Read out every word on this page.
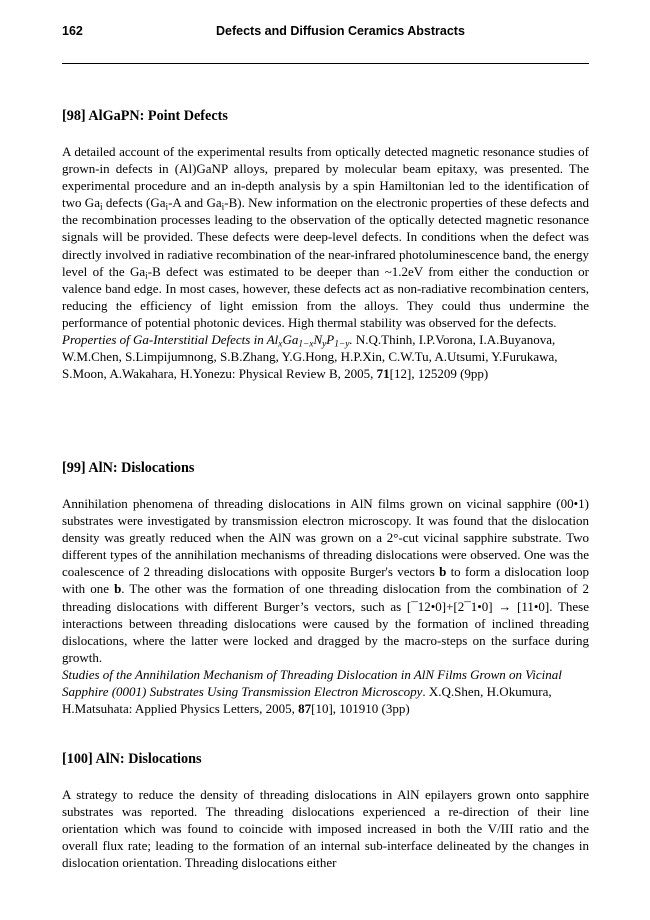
162	Defects and Diffusion Ceramics Abstracts
[98] AlGaPN: Point Defects

A detailed account of the experimental results from optically detected magnetic resonance studies of grown-in defects in (Al)GaNP alloys, prepared by molecular beam epitaxy, was presented. The experimental procedure and an in-depth analysis by a spin Hamiltonian led to the identification of two $Ga_i$ defects ($Ga_i-A$ and $Ga_i-B$). New information on the electronic properties of these defects and the recombination processes leading to the observation of the optically detected magnetic resonance signals will be provided. These defects were deep-level defects. In conditions when the defect was directly involved in radiative recombination of the near-infrared photoluminescence band, the energy level of the $Ga_i-B$ defect was estimated to be deeper than ~1.2eV from either the conduction or valence band edge. In most cases, however, these defects act as non-radiative recombination centers, reducing the efficiency of light emission from the alloys. They could thus undermine the performance of potential photonic devices. High thermal stability was observed for the defects.

Properties of Ga-Interstitial Defects in $Al_xGa_{1-x}N_yP_{1-y}$. N.Q.Thinh, I.P.Vorona, I.A.Buyanova, W.M.Chen, S.Limpijumnong, S.B.Zhang, Y.G.Hong, H.P.Xin, C.W.Tu, A.Utsumi, Y.Furukawa, S.Moon, A.Wakahara, H.Yonezu: Physical Review B, 2005, 71[12], 125209 (9pp)

[99] AlN: Dislocations

Annihilation phenomena of threading dislocations in AlN films grown on vicinal sapphire (00•1) substrates were investigated by transmission electron microscopy. It was found that the dislocation density was greatly reduced when the AlN was grown on a 2°-cut vicinal sapphire substrate. Two different types of the annihilation mechanisms of threading dislocations were observed. One was the coalescence of 2 threading dislocations with opposite Burger's vectors b to form a dislocation loop with one b. The other was the formation of one threading dislocation from the combination of 2 threading dislocations with different Burger’s vectors, such as [¯12•0]+[2¯1•0] → [11•0]. These interactions between threading dislocations were caused by the formation of inclined threading dislocations, where the latter were locked and dragged by the macro-steps on the surface during growth.

Studies of the Annihilation Mechanism of Threading Dislocation in AlN Films Grown on Vicinal Sapphire (0001) Substrates Using Transmission Electron Microscopy. X.Q.Shen, H.Okumura, H.Matsuhata: Applied Physics Letters, 2005, 87[10], 101910 (3pp)

[100] AlN: Dislocations

A strategy to reduce the density of threading dislocations in AlN epilayers grown onto sapphire substrates was reported. The threading dislocations experienced a re-direction of their line orientation which was found to coincide with imposed increased in both the V/III ratio and the overall flux rate; leading to the formation of an internal sub-interface delineated by the changes in dislocation orientation. Threading dislocations either
